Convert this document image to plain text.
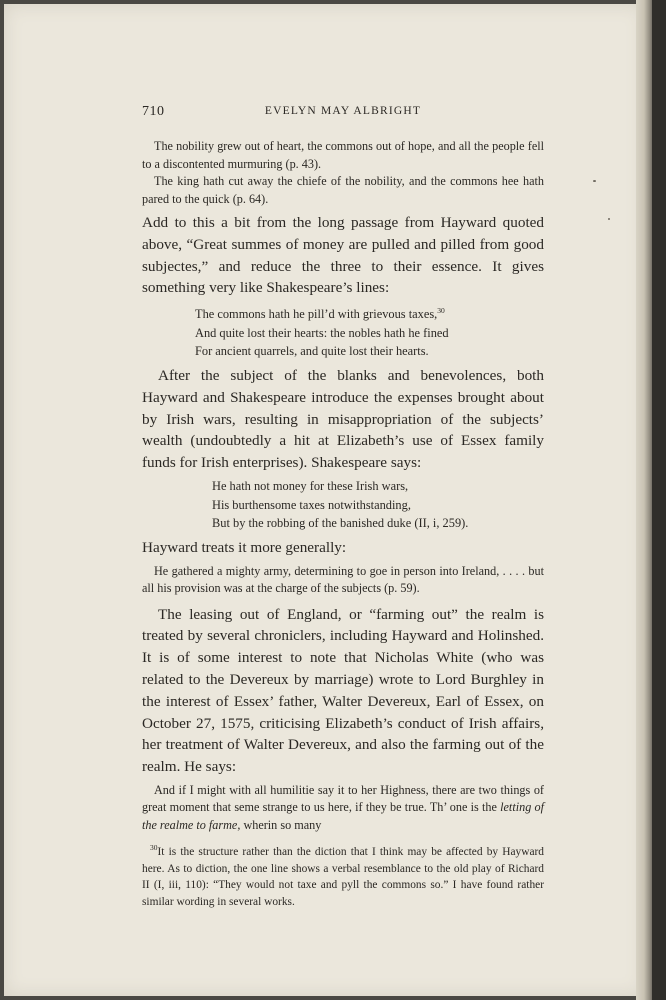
710	EVELYN MAY ALBRIGHT

The nobility grew out of heart, the commons out of hope, and all the people fell to a discontented murmuring (p. 43).

The king hath cut away the chiefe of the nobility, and the commons hee hath pared to the quick (p. 64).

Add to this a bit from the long passage from Hayward quoted above, “Great summes of money are pulled and pilled from good subjectes,” and reduce the three to their essence. It gives something very like Shakespeare’s lines:

The commons hath he pill’d with grievous taxes,$^{30}$
And quite lost their hearts: the nobles hath he fined
For ancient quarrels, and quite lost their hearts.

After the subject of the blanks and benevolences, both Hayward and Shakespeare introduce the expenses brought about by Irish wars, resulting in misappropriation of the subjects’ wealth (undoubtedly a hit at Elizabeth’s use of Essex family funds for Irish enterprises). Shakespeare says:

He hath not money for these Irish wars,
His burthensome taxes notwithstanding,
But by the robbing of the banished duke (II, i, 259).

Hayward treats it more generally:

He gathered a mighty army, determining to goe in person into Ireland, . . . . but all his provision was at the charge of the subjects (p. 59).

The leasing out of England, or “farming out” the realm is treated by several chroniclers, including Hayward and Holinshed. It is of some interest to note that Nicholas White (who was related to the Devereux by marriage) wrote to Lord Burghley in the interest of Essex’ father, Walter Devereux, Earl of Essex, on October 27, 1575, criticising Elizabeth’s conduct of Irish affairs, her treatment of Walter Devereux, and also the farming out of the realm. He says:

And if I might with all humilitie say it to her Highness, there are two things of great moment that seme strange to us here, if they be true. Th’ one is the letting of the realme to farme, wherin so many

$^{30}$It is the structure rather than the diction that I think may be affected by Hayward here. As to diction, the one line shows a verbal resemblance to the old play of Richard II (I, iii, 110): “They would not taxe and pyll the commons so.” I have found rather similar wording in several works.
